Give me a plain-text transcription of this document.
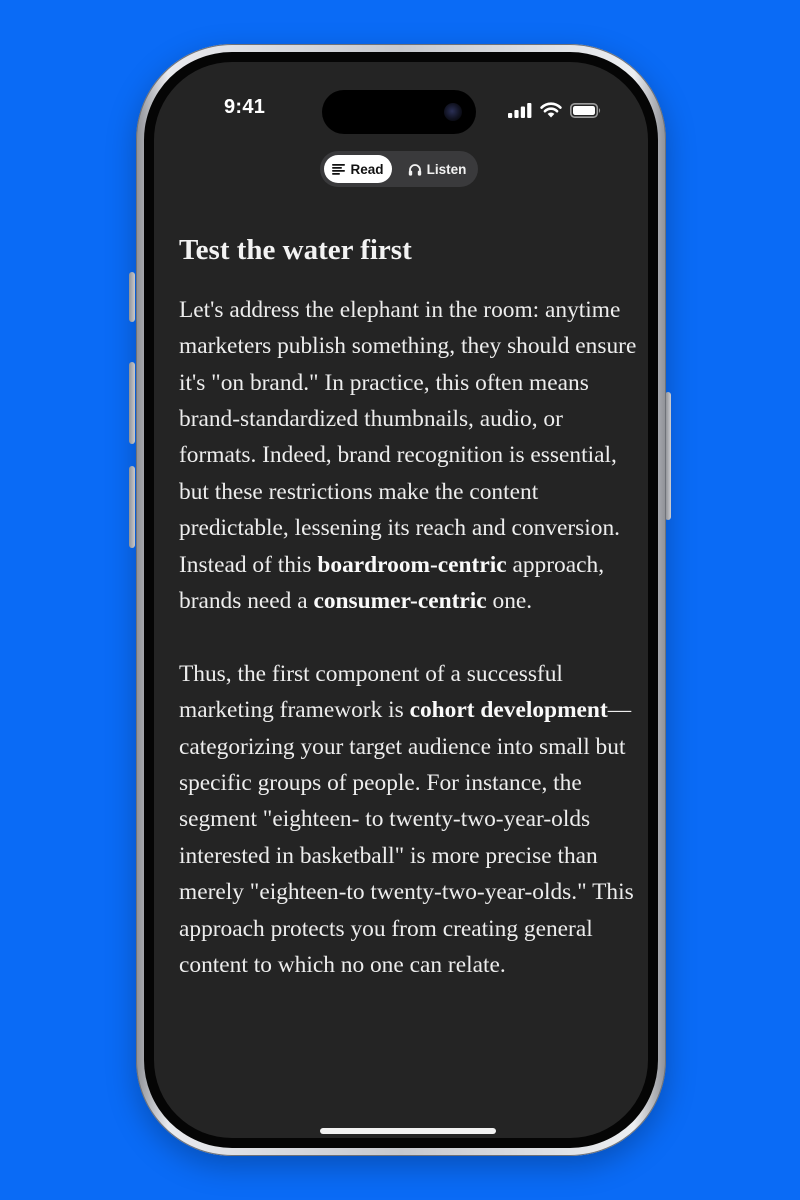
9:41
Read	Listen
Test the water first

Let's address the elephant in the room: anytime marketers publish something, they should ensure it's "on brand." In practice, this often means brand-standardized thumbnails, audio, or formats. Indeed, brand recognition is essential, but these restrictions make the content predictable, lessening its reach and conversion. Instead of this boardroom-centric approach, brands need a consumer-centric one.

Thus, the first component of a successful marketing framework is cohort development—categorizing your target audience into small but specific groups of people. For instance, the segment "eighteen- to twenty-two-year-olds interested in basketball" is more precise than merely "eighteen-to twenty-two-year-olds." This approach protects you from creating general content to which no one can relate.
